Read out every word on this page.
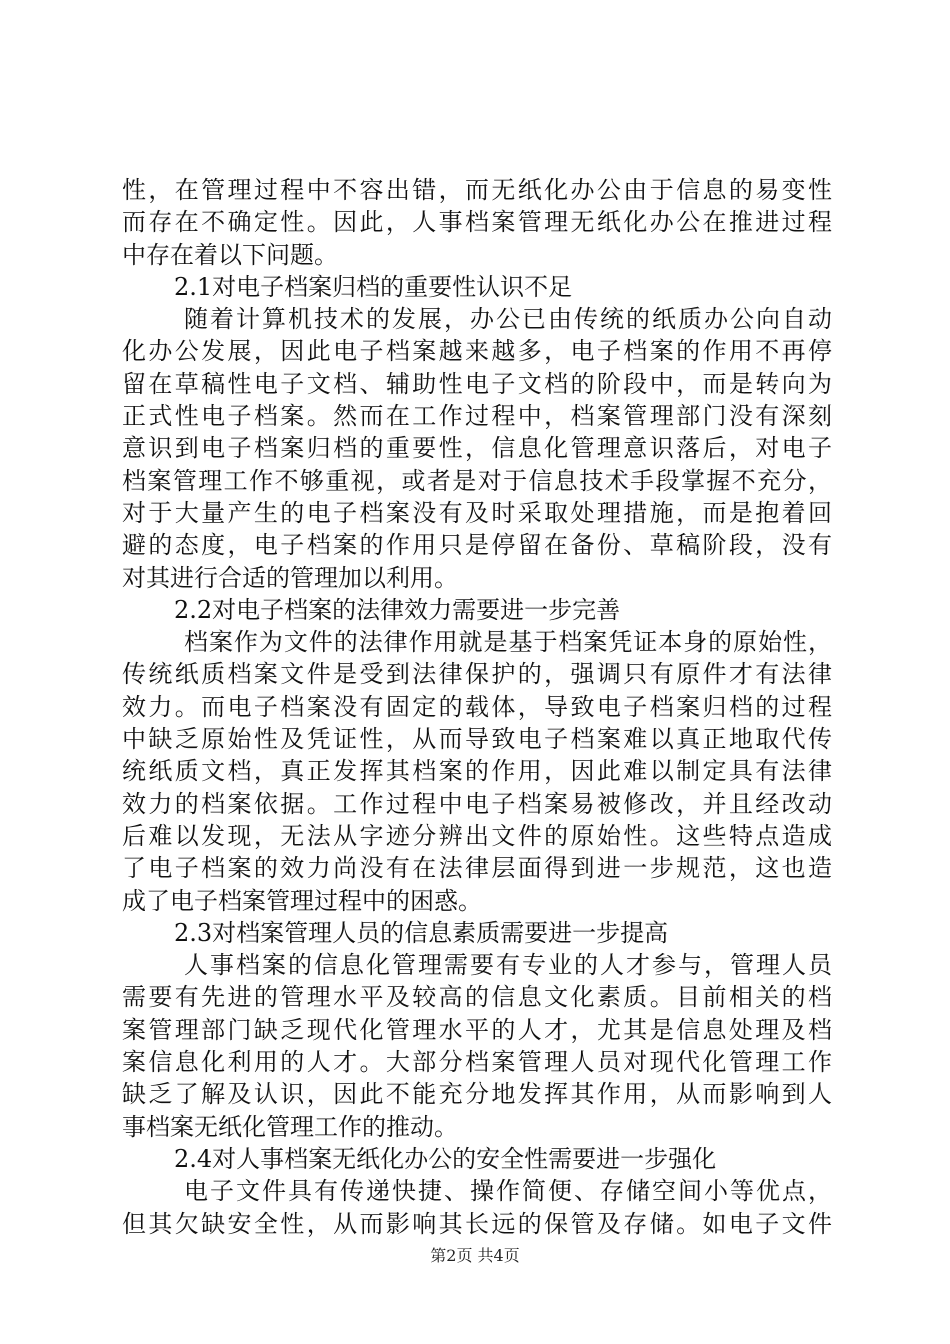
性，在管理过程中不容出错，而无纸化办公由于信息的易变性
而存在不确定性。因此，人事档案管理无纸化办公在推进过程
中存在着以下问题。
2.1对电子档案归档的重要性认识不足
随着计算机技术的发展，办公已由传统的纸质办公向自动
化办公发展，因此电子档案越来越多，电子档案的作用不再停
留在草稿性电子文档、辅助性电子文档的阶段中，而是转向为
正式性电子档案。然而在工作过程中，档案管理部门没有深刻
意识到电子档案归档的重要性，信息化管理意识落后，对电子
档案管理工作不够重视，或者是对于信息技术手段掌握不充分，
对于大量产生的电子档案没有及时采取处理措施，而是抱着回
避的态度，电子档案的作用只是停留在备份、草稿阶段，没有
对其进行合适的管理加以利用。
2.2对电子档案的法律效力需要进一步完善
档案作为文件的法律作用就是基于档案凭证本身的原始性，
传统纸质档案文件是受到法律保护的，强调只有原件才有法律
效力。而电子档案没有固定的载体，导致电子档案归档的过程
中缺乏原始性及凭证性，从而导致电子档案难以真正地取代传
统纸质文档，真正发挥其档案的作用，因此难以制定具有法律
效力的档案依据。工作过程中电子档案易被修改，并且经改动
后难以发现，无法从字迹分辨出文件的原始性。这些特点造成
了电子档案的效力尚没有在法律层面得到进一步规范，这也造
成了电子档案管理过程中的困惑。
2.3对档案管理人员的信息素质需要进一步提高
人事档案的信息化管理需要有专业的人才参与，管理人员
需要有先进的管理水平及较高的信息文化素质。目前相关的档
案管理部门缺乏现代化管理水平的人才，尤其是信息处理及档
案信息化利用的人才。大部分档案管理人员对现代化管理工作
缺乏了解及认识，因此不能充分地发挥其作用，从而影响到人
事档案无纸化管理工作的推动。
2.4对人事档案无纸化办公的安全性需要进一步强化
电子文件具有传递快捷、操作简便、存储空间小等优点，
但其欠缺安全性，从而影响其长远的保管及存储。如电子文件
第2页 共4页
